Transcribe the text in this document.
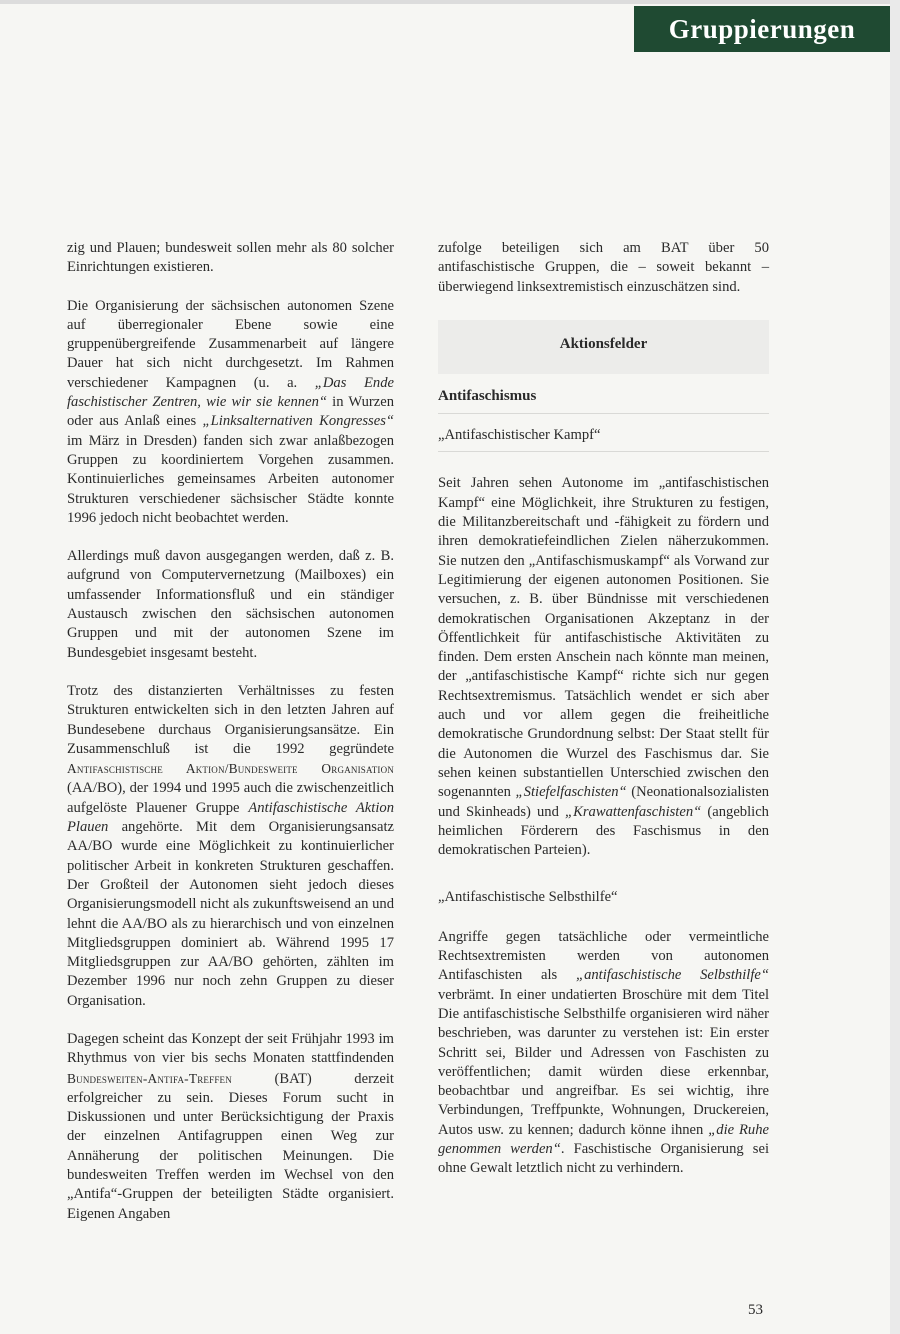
Gruppierungen

zig und Plauen; bundesweit sollen mehr als 80 solcher Einrichtungen existieren.

Die Organisierung der sächsischen autonomen Szene auf überregionaler Ebene sowie eine gruppenübergreifende Zusammenarbeit auf längere Dauer hat sich nicht durchgesetzt. Im Rahmen verschiedener Kampagnen (u. a. „Das Ende faschistischer Zentren, wie wir sie kennen“ in Wurzen oder aus Anlaß eines „Linksalternativen Kongresses“ im März in Dresden) fanden sich zwar anlaßbezogen Gruppen zu koordiniertem Vorgehen zusammen. Kontinuierliches gemeinsames Arbeiten autonomer Strukturen verschiedener sächsischer Städte konnte 1996 jedoch nicht beobachtet werden.

Allerdings muß davon ausgegangen werden, daß z. B. aufgrund von Computervernetzung (Mailboxes) ein umfassender Informationsfluß und ein ständiger Austausch zwischen den sächsischen autonomen Gruppen und mit der autonomen Szene im Bundesgebiet insgesamt besteht.

Trotz des distanzierten Verhältnisses zu festen Strukturen entwickelten sich in den letzten Jahren auf Bundesebene durchaus Organisierungsansätze. Ein Zusammenschluß ist die 1992 gegründete Antifaschistische Aktion/Bundesweite Organisation (AA/BO), der 1994 und 1995 auch die zwischenzeitlich aufgelöste Plauener Gruppe Antifaschistische Aktion Plauen angehörte. Mit dem Organisierungsansatz AA/BO wurde eine Möglichkeit zu kontinuierlicher politischer Arbeit in konkreten Strukturen geschaffen. Der Großteil der Autonomen sieht jedoch dieses Organisierungsmodell nicht als zukunftsweisend an und lehnt die AA/BO als zu hierarchisch und von einzelnen Mitgliedsgruppen dominiert ab. Während 1995 17 Mitgliedsgruppen zur AA/BO gehörten, zählten im Dezember 1996 nur noch zehn Gruppen zu dieser Organisation.

Dagegen scheint das Konzept der seit Frühjahr 1993 im Rhythmus von vier bis sechs Monaten stattfindenden Bundesweiten-Antifa-Treffen (BAT) derzeit erfolgreicher zu sein. Dieses Forum sucht in Diskussionen und unter Berücksichtigung der Praxis der einzelnen Antifagruppen einen Weg zur Annäherung der politischen Meinungen. Die bundesweiten Treffen werden im Wechsel von den „Antifa“-Gruppen der beteiligten Städte organisiert. Eigenen Angaben

zufolge beteiligen sich am BAT über 50 antifaschistische Gruppen, die – soweit bekannt – überwiegend linksextremistisch einzuschätzen sind.

Aktionsfelder
Antifaschismus
„Antifaschistischer Kampf“

Seit Jahren sehen Autonome im „antifaschistischen Kampf“ eine Möglichkeit, ihre Strukturen zu festigen, die Militanzbereitschaft und -fähigkeit zu fördern und ihren demokratiefeindlichen Zielen näherzukommen. Sie nutzen den „Antifaschismuskampf“ als Vorwand zur Legitimierung der eigenen autonomen Positionen. Sie versuchen, z. B. über Bündnisse mit verschiedenen demokratischen Organisationen Akzeptanz in der Öffentlichkeit für antifaschistische Aktivitäten zu finden. Dem ersten Anschein nach könnte man meinen, der „antifaschistische Kampf“ richte sich nur gegen Rechtsextremismus. Tatsächlich wendet er sich aber auch und vor allem gegen die freiheitliche demokratische Grundordnung selbst: Der Staat stellt für die Autonomen die Wurzel des Faschismus dar. Sie sehen keinen substantiellen Unterschied zwischen den sogenannten „Stiefelfaschisten“ (Neonationalsozialisten und Skinheads) und „Krawattenfaschisten“ (angeblich heimlichen Förderern des Faschismus in den demokratischen Parteien).

„Antifaschistische Selbsthilfe“

Angriffe gegen tatsächliche oder vermeintliche Rechtsextremisten werden von autonomen Antifaschisten als „antifaschistische Selbsthilfe“ verbrämt. In einer undatierten Broschüre mit dem Titel Die antifaschistische Selbsthilfe organisieren wird näher beschrieben, was darunter zu verstehen ist: Ein erster Schritt sei, Bilder und Adressen von Faschisten zu veröffentlichen; damit würden diese erkennbar, beobachtbar und angreifbar. Es sei wichtig, ihre Verbindungen, Treffpunkte, Wohnungen, Druckereien, Autos usw. zu kennen; dadurch könne ihnen „die Ruhe genommen werden“. Faschistische Organisierung sei ohne Gewalt letztlich nicht zu verhindern.

53
